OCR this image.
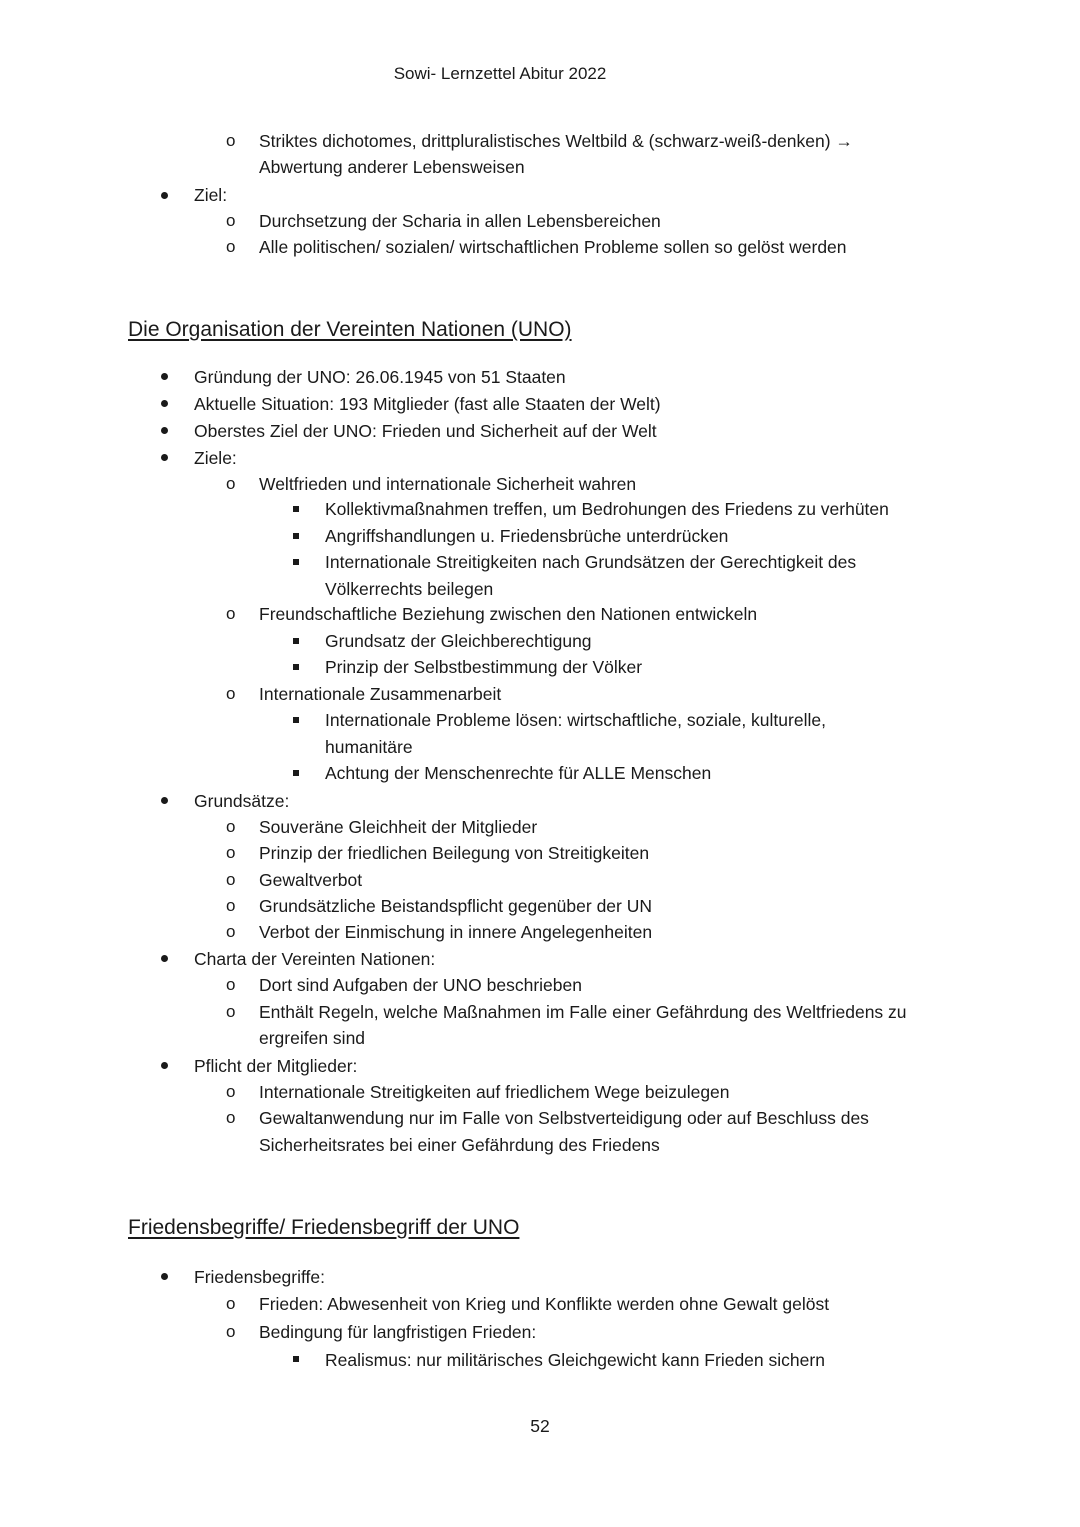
Sowi- Lernzettel Abitur 2022
o Striktes dichotomes, drittpluralistisches Weltbild & (schwarz-weiß-denken) →
Abwertung anderer Lebensweisen
Ziel:
o Durchsetzung der Scharia in allen Lebensbereichen
o Alle politischen/ sozialen/ wirtschaftlichen Probleme sollen so gelöst werden
Die Organisation der Vereinten Nationen (UNO)
Gründung der UNO: 26.06.1945 von 51 Staaten
Aktuelle Situation: 193 Mitglieder (fast alle Staaten der Welt)
Oberstes Ziel der UNO: Frieden und Sicherheit auf der Welt
Ziele:
o Weltfrieden und internationale Sicherheit wahren
Kollektivmaßnahmen treffen, um Bedrohungen des Friedens zu verhüten
Angriffshandlungen u. Friedensbrüche unterdrücken
Internationale Streitigkeiten nach Grundsätzen der Gerechtigkeit des
Völkerrechts beilegen
o Freundschaftliche Beziehung zwischen den Nationen entwickeln
Grundsatz der Gleichberechtigung
Prinzip der Selbstbestimmung der Völker
o Internationale Zusammenarbeit
Internationale Probleme lösen: wirtschaftliche, soziale, kulturelle,
humanitäre
Achtung der Menschenrechte für ALLE Menschen
Grundsätze:
o Souveräne Gleichheit der Mitglieder
o Prinzip der friedlichen Beilegung von Streitigkeiten
o Gewaltverbot
o Grundsätzliche Beistandspflicht gegenüber der UN
o Verbot der Einmischung in innere Angelegenheiten
Charta der Vereinten Nationen:
o Dort sind Aufgaben der UNO beschrieben
o Enthält Regeln, welche Maßnahmen im Falle einer Gefährdung des Weltfriedens zu
ergreifen sind
Pflicht der Mitglieder:
o Internationale Streitigkeiten auf friedlichem Wege beizulegen
o Gewaltanwendung nur im Falle von Selbstverteidigung oder auf Beschluss des
Sicherheitsrates bei einer Gefährdung des Friedens
Friedensbegriffe/ Friedensbegriff der UNO
Friedensbegriffe:
o Frieden: Abwesenheit von Krieg und Konflikte werden ohne Gewalt gelöst
o Bedingung für langfristigen Frieden:
Realismus: nur militärisches Gleichgewicht kann Frieden sichern
52
